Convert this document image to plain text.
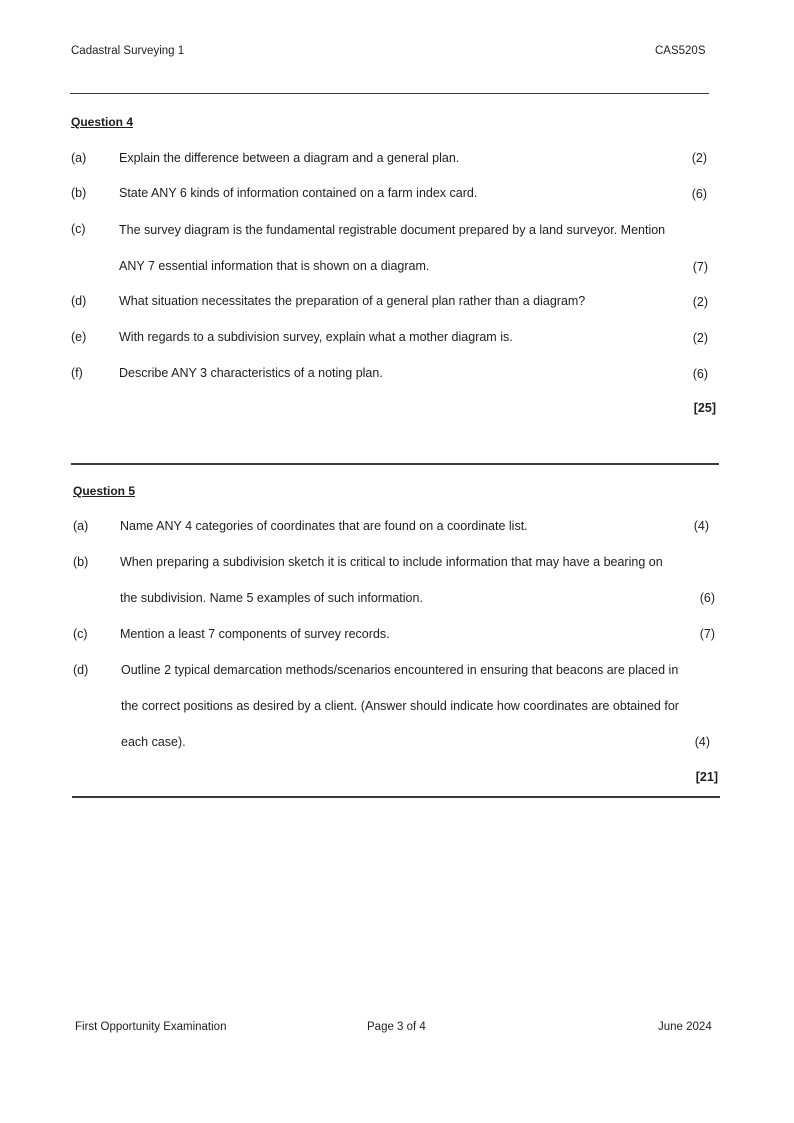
Cadastral Surveying 1	CAS520S
Question 4
(a)	Explain the difference between a diagram and a general plan.	(2)
(b)	State ANY 6 kinds of information contained on a farm index card.	(6)
(c)	The survey diagram is the fundamental registrable document prepared by a land surveyor. Mention
ANY 7 essential information that is shown on a diagram.	(7)
(d)	What situation necessitates the preparation of a general plan rather than a diagram?	(2)
(e)	With regards to a subdivision survey, explain what a mother diagram is.	(2)
(f)	Describe ANY 3 characteristics of a noting plan.	(6)
[25]
Question 5
(a)	Name ANY 4 categories of coordinates that are found on a coordinate list.	(4)
(b)	When preparing a subdivision sketch it is critical to include information that may have a bearing on
the subdivision. Name 5 examples of such information.	(6)
(c)	Mention a least 7 components of survey records.	(7)
(d)	Outline 2 typical demarcation methods/scenarios encountered in ensuring that beacons are placed in
the correct positions as desired by a client. (Answer should indicate how coordinates are obtained for
each case).	(4)
[21]
First Opportunity Examination	Page 3 of 4	June 2024
